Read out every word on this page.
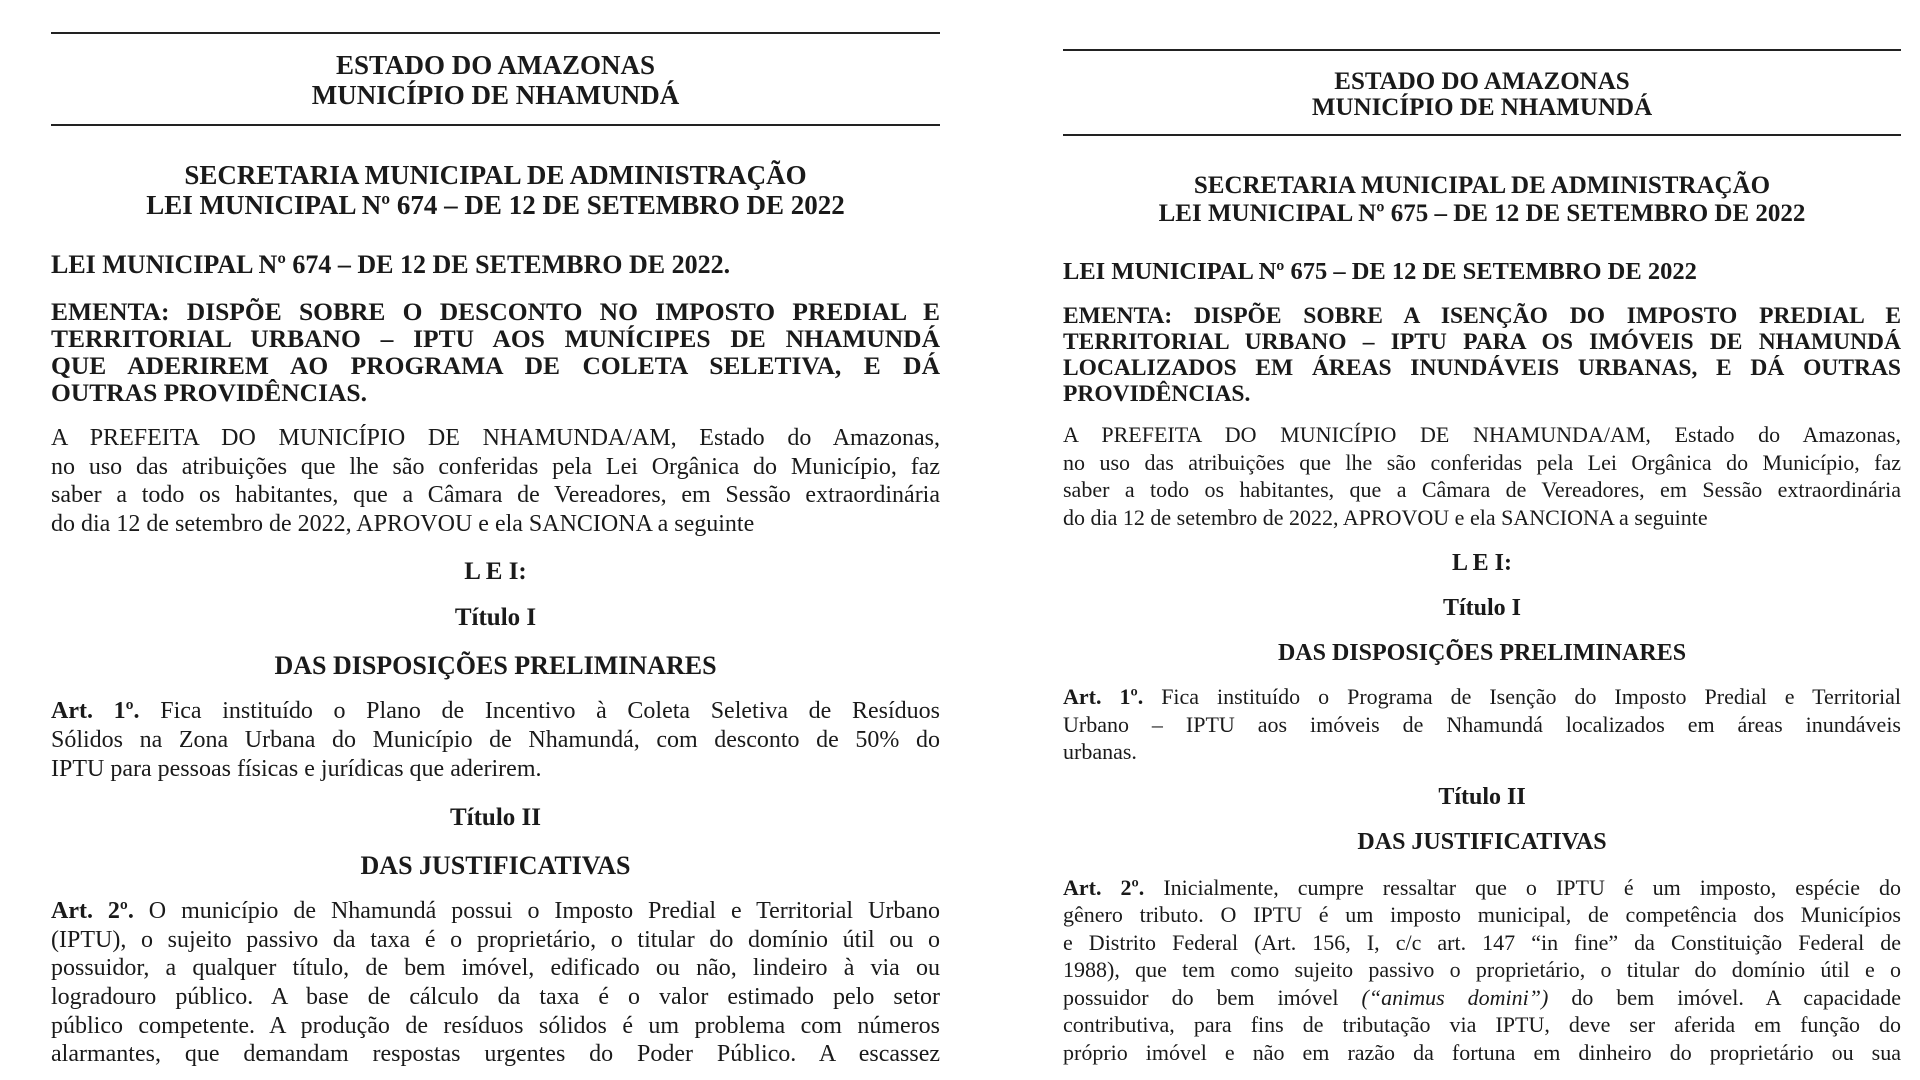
ESTADO DO AMAZONAS
MUNICÍPIO DE NHAMUNDÁ
SECRETARIA MUNICIPAL DE ADMINISTRAÇÃO
LEI MUNICIPAL Nº 674 – DE 12 DE SETEMBRO DE 2022
LEI MUNICIPAL Nº 674 – DE 12 DE SETEMBRO DE 2022.
EMENTA: DISPÕE SOBRE O DESCONTO NO IMPOSTO PREDIAL E
TERRITORIAL URBANO – IPTU AOS MUNÍCIPES DE NHAMUNDÁ
QUE ADERIREM AO PROGRAMA DE COLETA SELETIVA, E DÁ
OUTRAS PROVIDÊNCIAS.
A PREFEITA DO MUNICÍPIO DE NHAMUNDA/AM, Estado do Amazonas,
no uso das atribuições que lhe são conferidas pela Lei Orgânica do Município, faz
saber a todo os habitantes, que a Câmara de Vereadores, em Sessão extraordinária
do dia 12 de setembro de 2022, APROVOU e ela SANCIONA a seguinte
L E I:
Título I
DAS DISPOSIÇÕES PRELIMINARES
Art. 1º. Fica instituído o Plano de Incentivo à Coleta Seletiva de Resíduos
Sólidos na Zona Urbana do Município de Nhamundá, com desconto de 50% do
IPTU para pessoas físicas e jurídicas que aderirem.
Título II
DAS JUSTIFICATIVAS
Art. 2º. O município de Nhamundá possui o Imposto Predial e Territorial Urbano
(IPTU), o sujeito passivo da taxa é o proprietário, o titular do domínio útil ou o
possuidor, a qualquer título, de bem imóvel, edificado ou não, lindeiro à via ou
logradouro público. A base de cálculo da taxa é o valor estimado pelo setor
público competente. A produção de resíduos sólidos é um problema com números
alarmantes, que demandam respostas urgentes do Poder Público. A escassez
ESTADO DO AMAZONAS
MUNICÍPIO DE NHAMUNDÁ
SECRETARIA MUNICIPAL DE ADMINISTRAÇÃO
LEI MUNICIPAL Nº 675 – DE 12 DE SETEMBRO DE 2022
LEI MUNICIPAL Nº 675 – DE 12 DE SETEMBRO DE 2022
EMENTA: DISPÕE SOBRE A ISENÇÃO DO IMPOSTO PREDIAL E
TERRITORIAL URBANO – IPTU PARA OS IMÓVEIS DE NHAMUNDÁ
LOCALIZADOS EM ÁREAS INUNDÁVEIS URBANAS, E DÁ OUTRAS
PROVIDÊNCIAS.
A PREFEITA DO MUNICÍPIO DE NHAMUNDA/AM, Estado do Amazonas,
no uso das atribuições que lhe são conferidas pela Lei Orgânica do Município, faz
saber a todo os habitantes, que a Câmara de Vereadores, em Sessão extraordinária
do dia 12 de setembro de 2022, APROVOU e ela SANCIONA a seguinte
L E I:
Título I
DAS DISPOSIÇÕES PRELIMINARES
Art. 1º. Fica instituído o Programa de Isenção do Imposto Predial e Territorial
Urbano – IPTU aos imóveis de Nhamundá localizados em áreas inundáveis
urbanas.
Título II
DAS JUSTIFICATIVAS
Art. 2º. Inicialmente, cumpre ressaltar que o IPTU é um imposto, espécie do
gênero tributo. O IPTU é um imposto municipal, de competência dos Municípios
e Distrito Federal (Art. 156, I, c/c art. 147 “in fine” da Constituição Federal de
1988), que tem como sujeito passivo o proprietário, o titular do domínio útil e o
possuidor do bem imóvel (“animus domini”) do bem imóvel. A capacidade
contributiva, para fins de tributação via IPTU, deve ser aferida em função do
próprio imóvel e não em razão da fortuna em dinheiro do proprietário ou sua
